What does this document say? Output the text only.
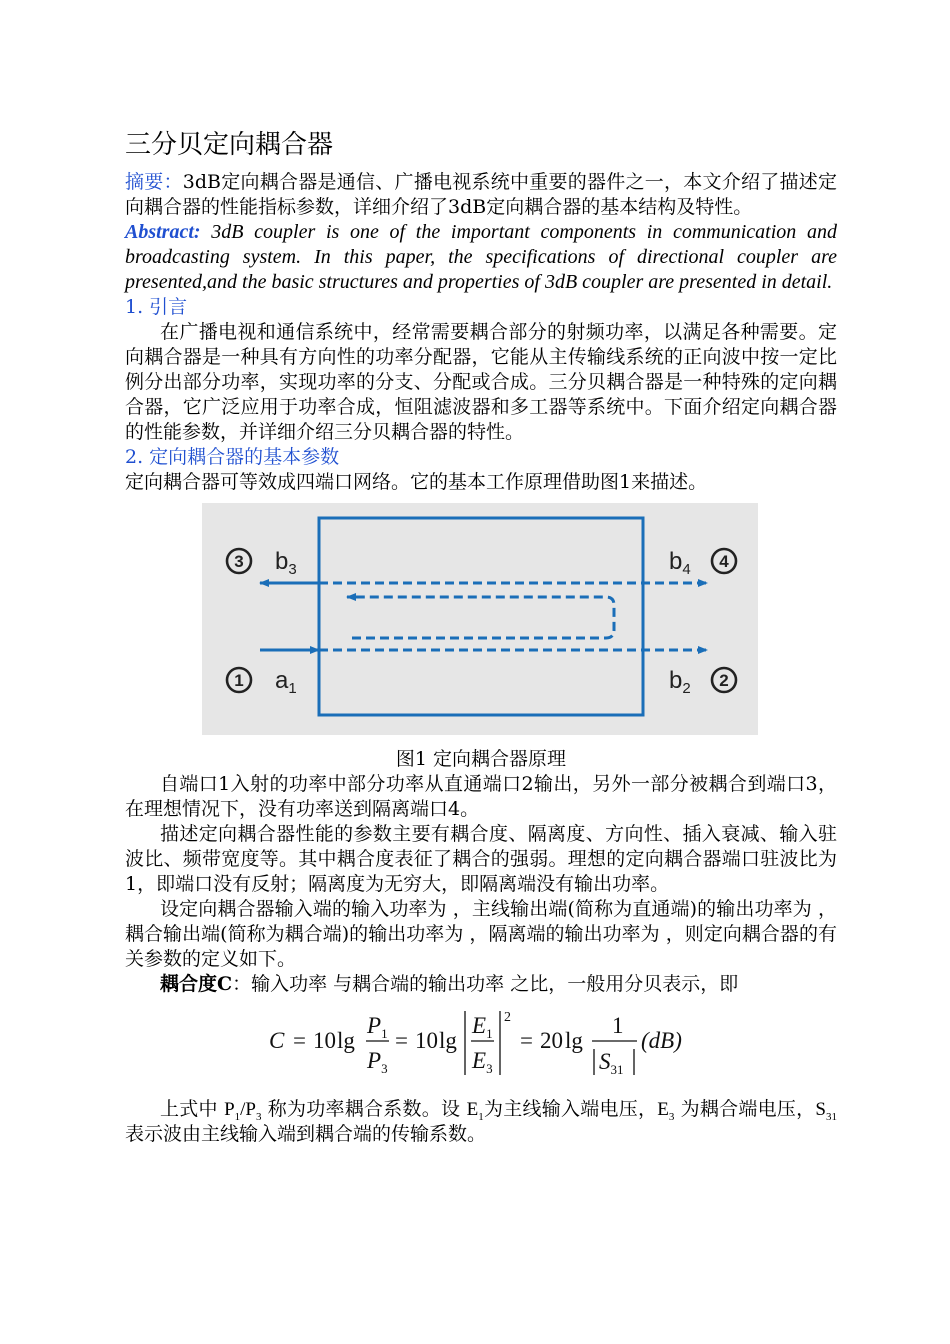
三分贝定向耦合器

摘要：3dB定向耦合器是通信、广播电视系统中重要的器件之一，本文介绍了描述定向耦合器的性能指标参数，详细介绍了3dB定向耦合器的基本结构及特性。

Abstract: 3dB coupler is one of the important components in communication and broadcasting system. In this paper, the specifications of directional coupler are presented,and the basic structures and properties of 3dB coupler are presented in detail.

1. 引言

在广播电视和通信系统中，经常需要耦合部分的射频功率，以满足各种需要。定向耦合器是一种具有方向性的功率分配器，它能从主传输线系统的正向波中按一定比例分出部分功率，实现功率的分支、分配或合成。三分贝耦合器是一种特殊的定向耦合器，它广泛应用于功率合成，恒阻滤波器和多工器等系统中。下面介绍定向耦合器的性能参数，并详细介绍三分贝耦合器的特性。

2. 定向耦合器的基本参数

定向耦合器可等效成四端口网络。它的基本工作原理借助图1来描述。

3
1
4
2
$b_3$
$a_1$
$b_4$
$b_2$

图1 定向耦合器原理

自端口1入射的功率中部分功率从直通端口2输出，另外一部分被耦合到端口3，在理想情况下，没有功率送到隔离端口4。

描述定向耦合器性能的参数主要有耦合度、隔离度、方向性、插入衰减、输入驻波比、频带宽度等。其中耦合度表征了耦合的强弱。理想的定向耦合器端口驻波比为1，即端口没有反射；隔离度为无穷大，即隔离端没有输出功率。

设定向耦合器输入端的输入功率为 ，主线输出端(简称为直通端)的输出功率为 ，耦合输出端(简称为耦合端)的输出功率为 ，隔离端的输出功率为 ，则定向耦合器的有关参数的定义如下。

耦合度C：输入功率 与耦合端的输出功率 之比，一般用分贝表示，即

C = 10 lg
$P_1$
$P_3$
= 10 lg
$E_1$
$E_3$
2
= 20 lg
1
$S_{31}$
(dB)

上式中 $P_1/P_3$ 称为功率耦合系数。设 $E_1$为主线输入端电压，$E_3$ 为耦合端电压，$S_{31}$表示波由主线输入端到耦合端的传输系数。
